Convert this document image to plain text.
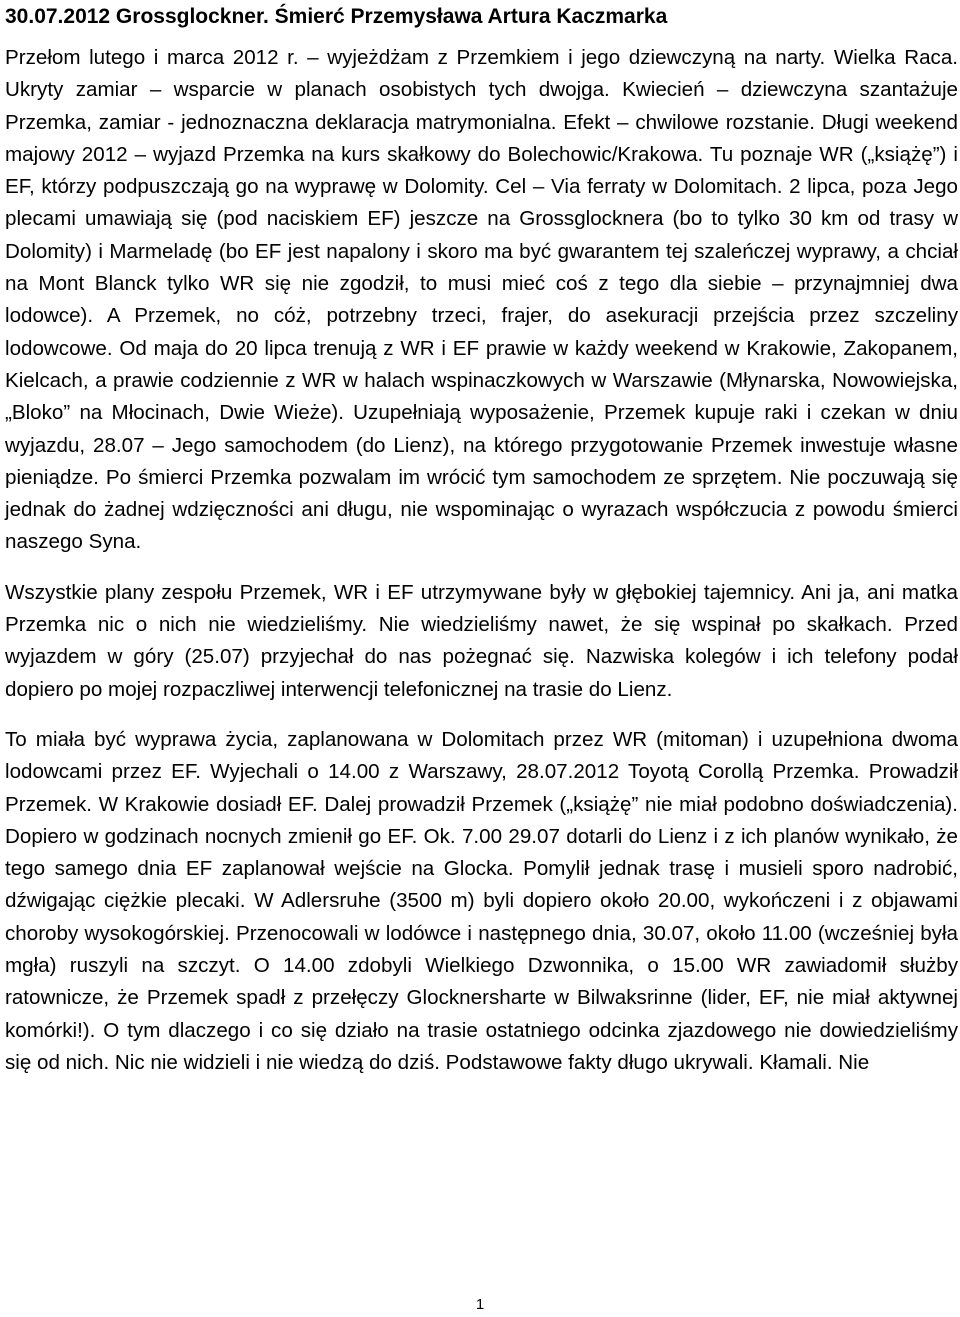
30.07.2012 Grossglockner. Śmierć Przemysława Artura Kaczmarka

Przełom lutego i marca 2012 r. – wyjeżdżam z Przemkiem i jego dziewczyną na narty. Wielka Raca. Ukryty zamiar – wsparcie w planach osobistych tych dwojga. Kwiecień – dziewczyna szantażuje Przemka, zamiar - jednoznaczna deklaracja matrymonialna. Efekt – chwilowe rozstanie. Długi weekend majowy 2012 – wyjazd Przemka na kurs skałkowy do Bolechowic/Krakowa. Tu poznaje WR („książę”) i EF, którzy podpuszczają go na wyprawę w Dolomity. Cel – Via ferraty w Dolomitach. 2 lipca, poza Jego plecami umawiają się (pod naciskiem EF) jeszcze na Grossglocknera (bo to tylko 30 km od trasy w Dolomity) i Marmeladę (bo EF jest napalony i skoro ma być gwarantem tej szaleńczej wyprawy, a chciał na Mont Blanck tylko WR się nie zgodził, to musi mieć coś z tego dla siebie – przynajmniej dwa lodowce). A Przemek, no cóż, potrzebny trzeci, frajer, do asekuracji przejścia przez szczeliny lodowcowe. Od maja do 20 lipca trenują z WR i EF prawie w każdy weekend w Krakowie, Zakopanem, Kielcach, a prawie codziennie z WR w halach wspinaczkowych w Warszawie (Młynarska, Nowowiejska, „Bloko” na Młocinach, Dwie Wieże). Uzupełniają wyposażenie, Przemek kupuje raki i czekan w dniu wyjazdu, 28.07 – Jego samochodem (do Lienz), na którego przygotowanie Przemek inwestuje własne pieniądze. Po śmierci Przemka pozwalam im wrócić tym samochodem ze sprzętem. Nie poczuwają się jednak do żadnej wdzięczności ani długu, nie wspominając o wyrazach współczucia z powodu śmierci naszego Syna.

Wszystkie plany zespołu Przemek, WR i EF utrzymywane były w głębokiej tajemnicy. Ani ja, ani matka Przemka nic o nich nie wiedzieliśmy. Nie wiedzieliśmy nawet, że się wspinał po skałkach. Przed wyjazdem w góry (25.07) przyjechał do nas pożegnać się. Nazwiska kolegów i ich telefony podał dopiero po mojej rozpaczliwej interwencji telefonicznej na trasie do Lienz.

To miała być wyprawa życia, zaplanowana w Dolomitach przez WR (mitoman) i uzupełniona dwoma lodowcami przez EF. Wyjechali o 14.00 z Warszawy, 28.07.2012 Toyotą Corollą Przemka. Prowadził Przemek. W Krakowie dosiadł EF. Dalej prowadził Przemek („książę” nie miał podobno doświadczenia). Dopiero w godzinach nocnych zmienił go EF. Ok. 7.00 29.07 dotarli do Lienz i z ich planów wynikało, że tego samego dnia EF zaplanował wejście na Glocka. Pomylił jednak trasę i musieli sporo nadrobić, dźwigając ciężkie plecaki. W Adlersruhe (3500 m) byli dopiero około 20.00, wykończeni i z objawami choroby wysokogórskiej. Przenocowali w lodówce i następnego dnia, 30.07, około 11.00 (wcześniej była mgła) ruszyli na szczyt. O 14.00 zdobyli Wielkiego Dzwonnika, o 15.00 WR zawiadomił służby ratownicze, że Przemek spadł z przełęczy Glocknersharte w Bilwaksrinne (lider, EF, nie miał aktywnej komórki!). O tym dlaczego i co się działo na trasie ostatniego odcinka zjazdowego nie dowiedzieliśmy się od nich. Nic nie widzieli i nie wiedzą do dziś. Podstawowe fakty długo ukrywali. Kłamali. Nie

1
